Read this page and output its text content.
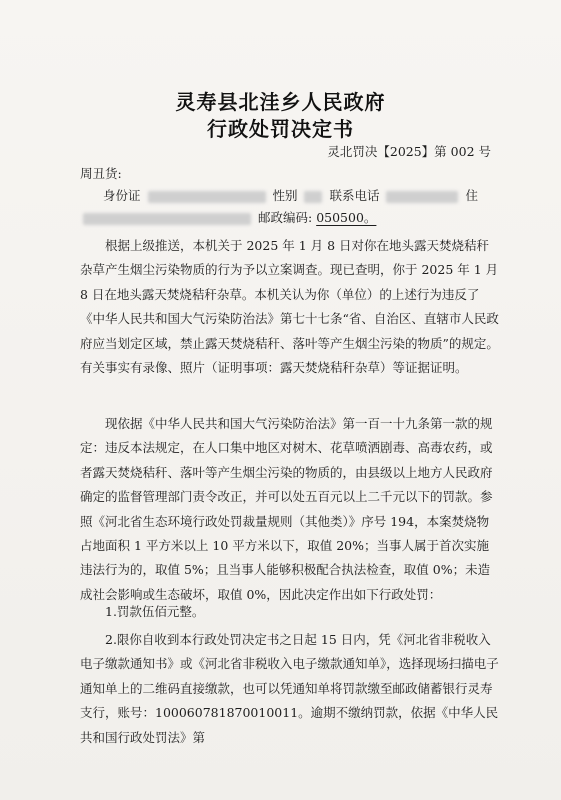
灵寿县北洼乡人民政府
行政处罚决定书
灵北罚决【2025】第 002 号
周丑货:
身份证	性别	联系电话	住
邮政编码: 050500。
根据上级推送，本机关于 2025 年 1 月 8 日对你在地头露天焚烧秸秆杂草产生烟尘污染物质的行为予以立案调查。现已查明，你于 2025 年 1 月 8 日在地头露天焚烧秸秆杂草。本机关认为你（单位）的上述行为违反了《中华人民共和国大气污染防治法》第七十七条“省、自治区、直辖市人民政府应当划定区域，禁止露天焚烧秸秆、落叶等产生烟尘污染的物质”的规定。有关事实有录像、照片（证明事项：露天焚烧秸秆杂草）等证据证明。
现依据《中华人民共和国大气污染防治法》第一百一十九条第一款的规定：违反本法规定，在人口集中地区对树木、花草喷洒剧毒、高毒农药，或者露天焚烧秸秆、落叶等产生烟尘污染的物质的，由县级以上地方人民政府确定的监督管理部门责令改正，并可以处五百元以上二千元以下的罚款。参照《河北省生态环境行政处罚裁量规则（其他类）》序号 194，本案焚烧物占地面积 1 平方米以上 10 平方米以下，取值 20%；当事人属于首次实施违法行为的，取值 5%；且当事人能够积极配合执法检查，取值 0%；未造成社会影响或生态破坏，取值 0%，因此决定作出如下行政处罚：
1.罚款伍佰元整。
2.限你自收到本行政处罚决定书之日起 15 日内，凭《河北省非税收入电子缴款通知书》或《河北省非税收入电子缴款通知单》，选择现场扫描电子通知单上的二维码直接缴款，也可以凭通知单将罚款缴至邮政储蓄银行灵寿支行，账号：100060781870010011。逾期不缴纳罚款，依据《中华人民共和国行政处罚法》第
